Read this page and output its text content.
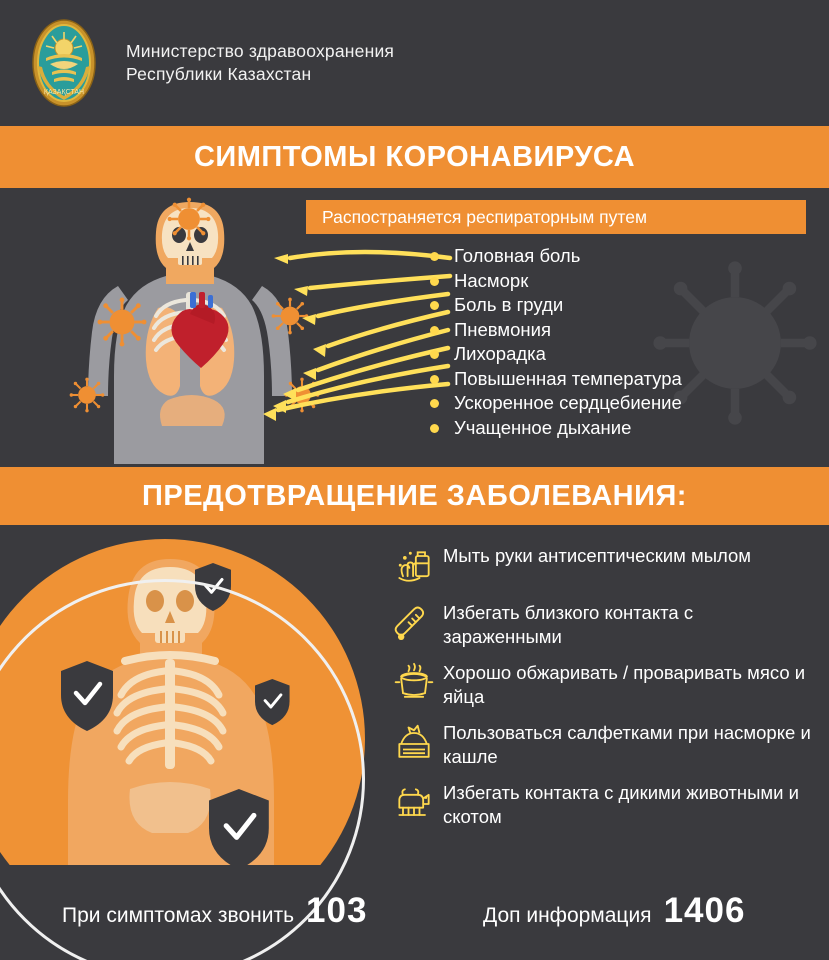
ҚАЗАҚСТАН
Министерство здравоохранения
Республики Казахстан
СИМПТОМЫ КОРОНАВИРУСА
Распостраняется респираторным путем
Головная боль
Насморк
Боль в груди
Пневмония
Лихорадка
Повышенная температура
Ускоренное сердцебиение
Учащенное дыхание
ПРЕДОТВРАЩЕНИЕ ЗАБОЛЕВАНИЯ:
Мыть руки антисептическим мылом
Избегать близкого контакта с зараженными
Хорошо обжаривать / проваривать мясо и яйца
Пользоваться салфетками при насморке и кашле
Избегать контакта с дикими животными и скотом
При симптомах звонить 103	Доп информация 1406
